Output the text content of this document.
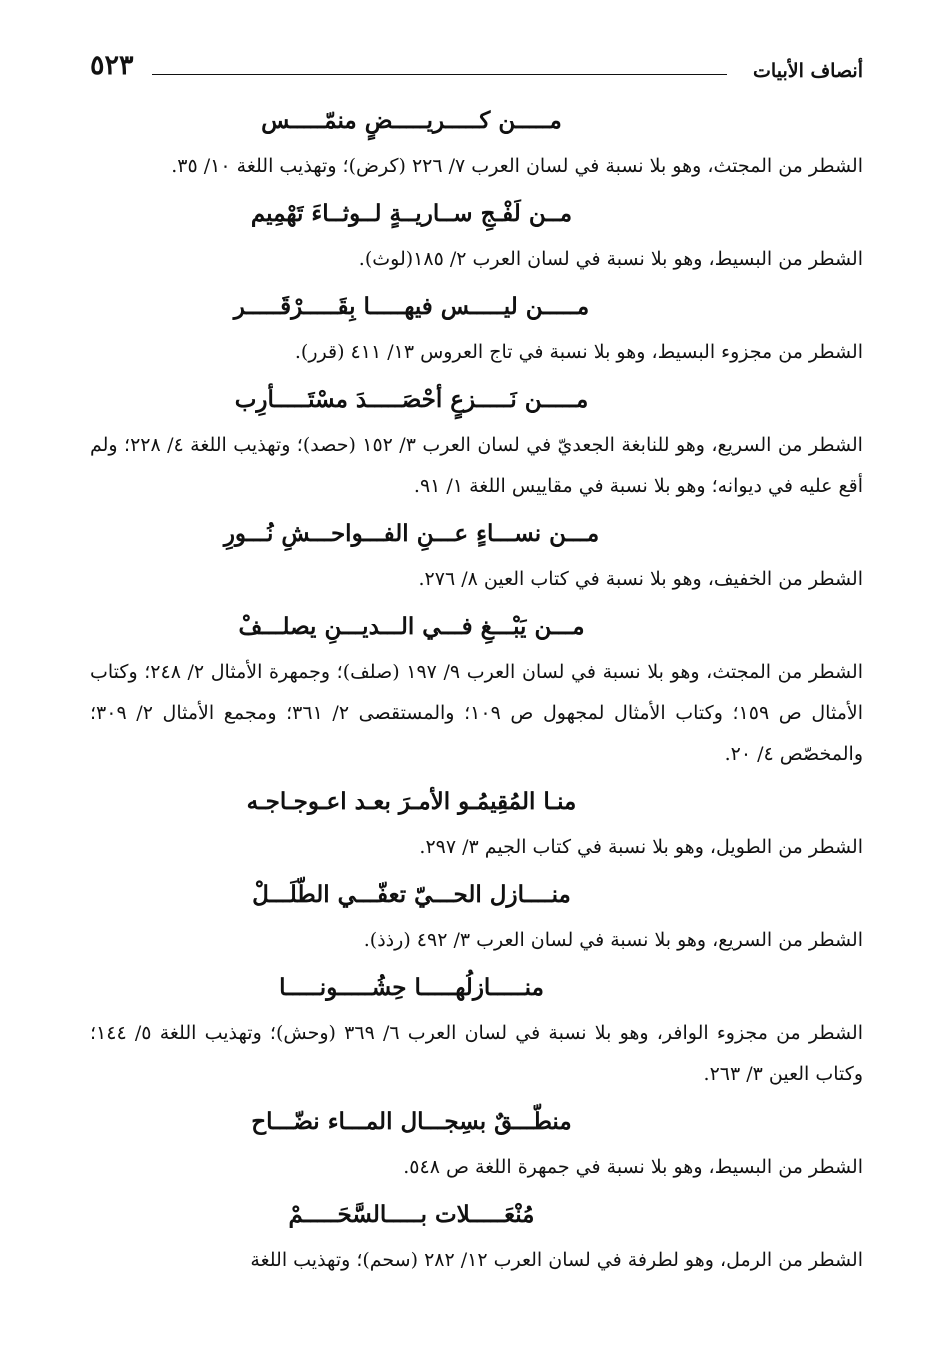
أنصاف الأبيات
٥٢٣
مـــــن كـــــريـــــضٍ منمّـــــس
الشطر من المجتث، وهو بلا نسبة في لسان العرب ٧/ ٢٢٦ (كرض)؛ وتهذيب اللغة ١٠/ ٣٥.
مــن لَفْـجِ ســاريــةٍ لــوثــاءَ تَهْمِيم
الشطر من البسيط، وهو بلا نسبة في لسان العرب ٢/ ١٨٥(لوث).
مـــــن ليـــــس فيهـــــا بِقَـــــرْقَـــــر
الشطر من مجزوء البسيط، وهو بلا نسبة في تاج العروس ١٣/ ٤١١ (قرر).
مـــــن نَـــــزعٍ أحْصَـــــدَ مسْتَـــــأرِب
الشطر من السريع، وهو للنابغة الجعديّ في لسان العرب ٣/ ١٥٢ (حصد)؛ وتهذيب اللغة ٤/ ٢٢٨؛ ولم أقع عليه في ديوانه؛ وهو بلا نسبة في مقاييس اللغة ١/ ٩١.
مـــن نســـاءٍ عـــنِ الفـــواحـــشِ نُـــورِ
الشطر من الخفيف، وهو بلا نسبة في كتاب العين ٨/ ٢٧٦.
مـــن يَبْـــغِ فـــي الـــديـــنِ يصلـــفْ
الشطر من المجتث، وهو بلا نسبة في لسان العرب ٩/ ١٩٧ (صلف)؛ وجمهرة الأمثال ٢/ ٢٤٨؛ وكتاب الأمثال ص ١٥٩؛ وكتاب الأمثال لمجهول ص ١٠٩؛ والمستقصى ٢/ ٣٦١؛ ومجمع الأمثال ٢/ ٣٠٩؛ والمخصّص ٤/ ٢٠.
منـا المُقِيمُـو الأمـرَ بعـد اعـوجـاجـه
الشطر من الطويل، وهو بلا نسبة في كتاب الجيم ٣/ ٢٩٧.
منــــازل الحـــيّ تعفّـــي الطّلَـــلْ
الشطر من السريع، وهو بلا نسبة في لسان العرب ٣/ ٤٩٢ (رذذ).
منـــــازلُهـــــا حِشُـــــونـــــا
الشطر من مجزوء الوافر، وهو بلا نسبة في لسان العرب ٦/ ٣٦٩ (وحش)؛ وتهذيب اللغة ٥/ ١٤٤؛ وكتاب العين ٣/ ٢٦٣.
منطّـــقٌ بسِجـــال المـــاء نضّـــاح
الشطر من البسيط، وهو بلا نسبة في جمهرة اللغة ص ٥٤٨.
مُنْعَـــــلات بـــــالسَّحَـــــمْ
الشطر من الرمل، وهو لطرفة في لسان العرب ١٢/ ٢٨٢ (سحم)؛ وتهذيب اللغة
